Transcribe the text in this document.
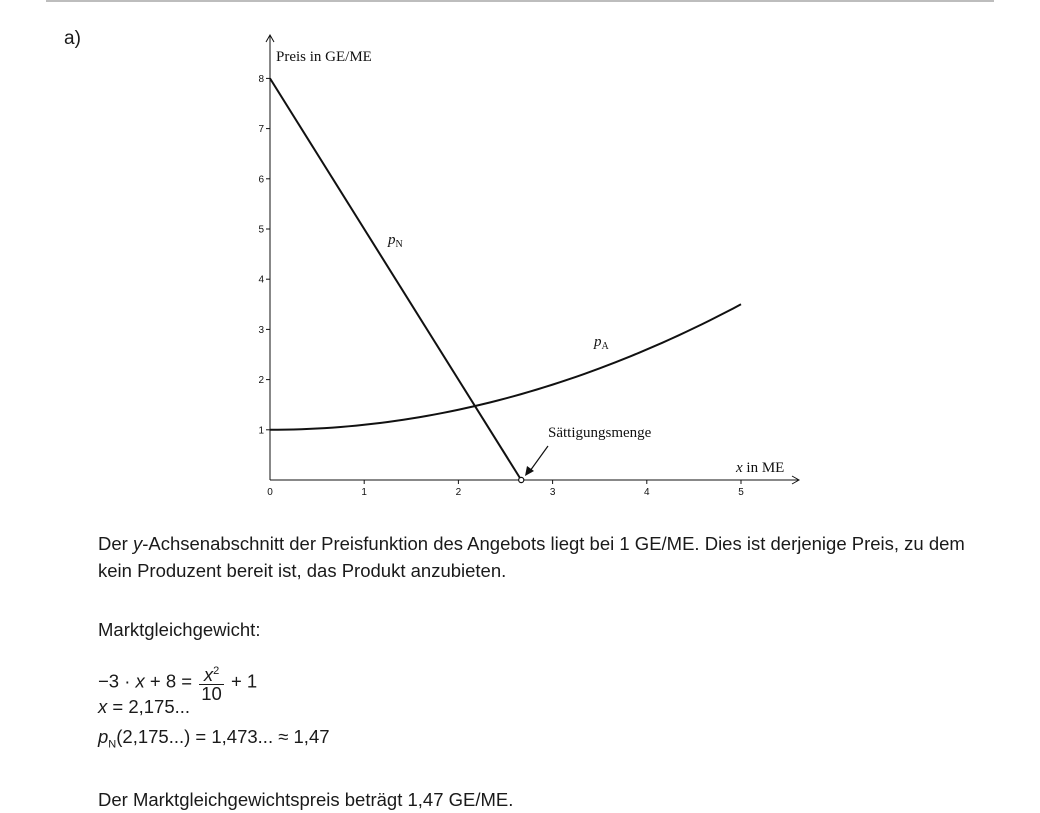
a)
0	1	2	3	4	5
1
2
3
4
5
6
7
8
Preis in GE/ME
x in ME
$p_N$
$p_A$
Sättigungsmenge

Der y-Achsenabschnitt der Preisfunktion des Angebots liegt bei 1 GE/ME. Dies ist derjenige Preis, zu dem kein Produzent bereit ist, das Produkt anzubieten.

Marktgleichgewicht:

$-3 \cdot x + 8 = \frac{x^2}{10} + 1$
x = 2,175...
$p_N(2,175...) = 1,473$... ≈ 1,47

Der Marktgleichgewichtspreis beträgt 1,47 GE/ME.
